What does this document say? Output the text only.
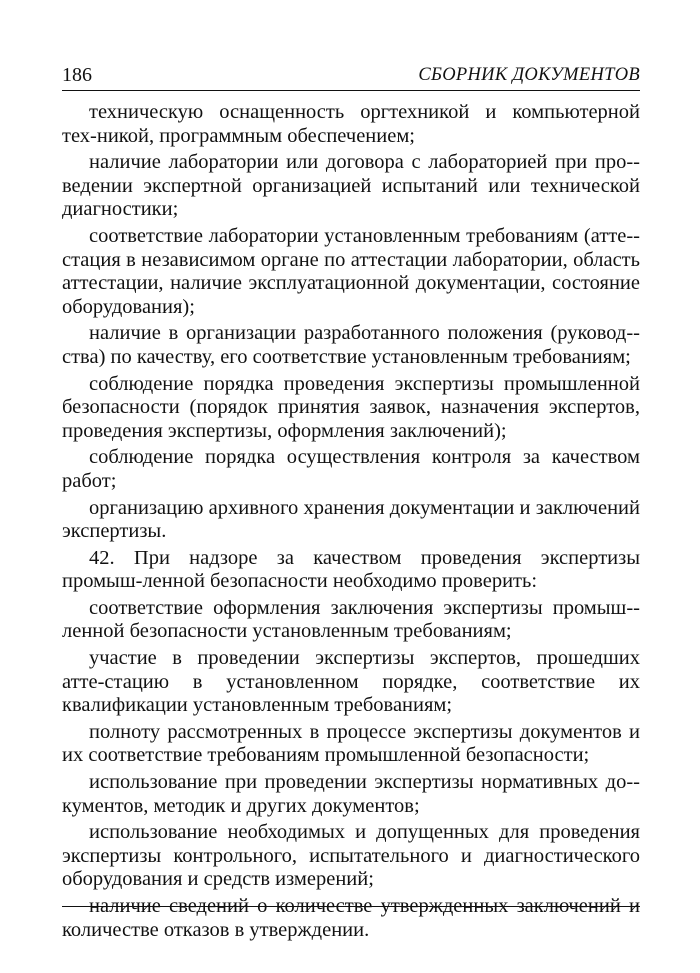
186	СБОРНИК ДОКУМЕНТОВ

техническую оснащенность оргтехникой и компьютерной тех-никой, программным обеспечением;

наличие лаборатории или договора с лабораторией при про-ведении экспертной организацией испытаний или технической диагностики;

соответствие лаборатории установленным требованиям (атте-стация в независимом органе по аттестации лаборатории, область аттестации, наличие эксплуатационной документации, состояние оборудования);

наличие в организации разработанного положения (руковод-ства) по качеству, его соответствие установленным требованиям;

соблюдение порядка проведения экспертизы промышленной безопасности (порядок принятия заявок, назначения экспертов, проведения экспертизы, оформления заключений);

соблюдение порядка осуществления контроля за качеством работ;

организацию архивного хранения документации и заключений экспертизы.

42. При надзоре за качеством проведения экспертизы промыш-ленной безопасности необходимо проверить:

соответствие оформления заключения экспертизы промыш-ленной безопасности установленным требованиям;

участие в проведении экспертизы экспертов, прошедших атте-стацию в установленном порядке, соответствие их квалификации установленным требованиям;

полноту рассмотренных в процессе экспертизы документов и их соответствие требованиям промышленной безопасности;

использование при проведении экспертизы нормативных до-кументов, методик и других документов;

использование необходимых и допущенных для проведения экспертизы контрольного, испытательного и диагностического оборудования и средств измерений;

наличие сведений о количестве утвержденных заключений и количестве отказов в утверждении.
